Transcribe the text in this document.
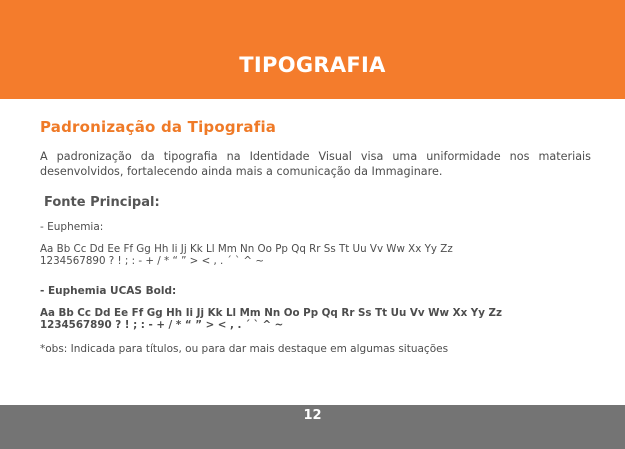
TIPOGRAFIA
Padronização da Tipografia

A padronização da tipografia na Identidade Visual visa uma uniformidade nos materiais desenvolvidos, fortalecendo ainda mais a comunicação da Immaginare.

Fonte Principal:
- Euphemia:
Aa Bb Cc Dd Ee Ff Gg Hh Ii Jj Kk Ll Mm Nn Oo Pp Qq Rr Ss Tt Uu Vv Ww Xx Yy Zz
1234567890 ? ! ; : - + / * “ ” > < , . ´ ` ^ ~
- Euphemia UCAS Bold:
Aa Bb Cc Dd Ee Ff Gg Hh Ii Jj Kk Ll Mm Nn Oo Pp Qq Rr Ss Tt Uu Vv Ww Xx Yy Zz
1234567890 ? ! ; : - + / * “ ” > < , . ´ ` ^ ~
*obs: Indicada para títulos, ou para dar mais destaque em algumas situações
12
